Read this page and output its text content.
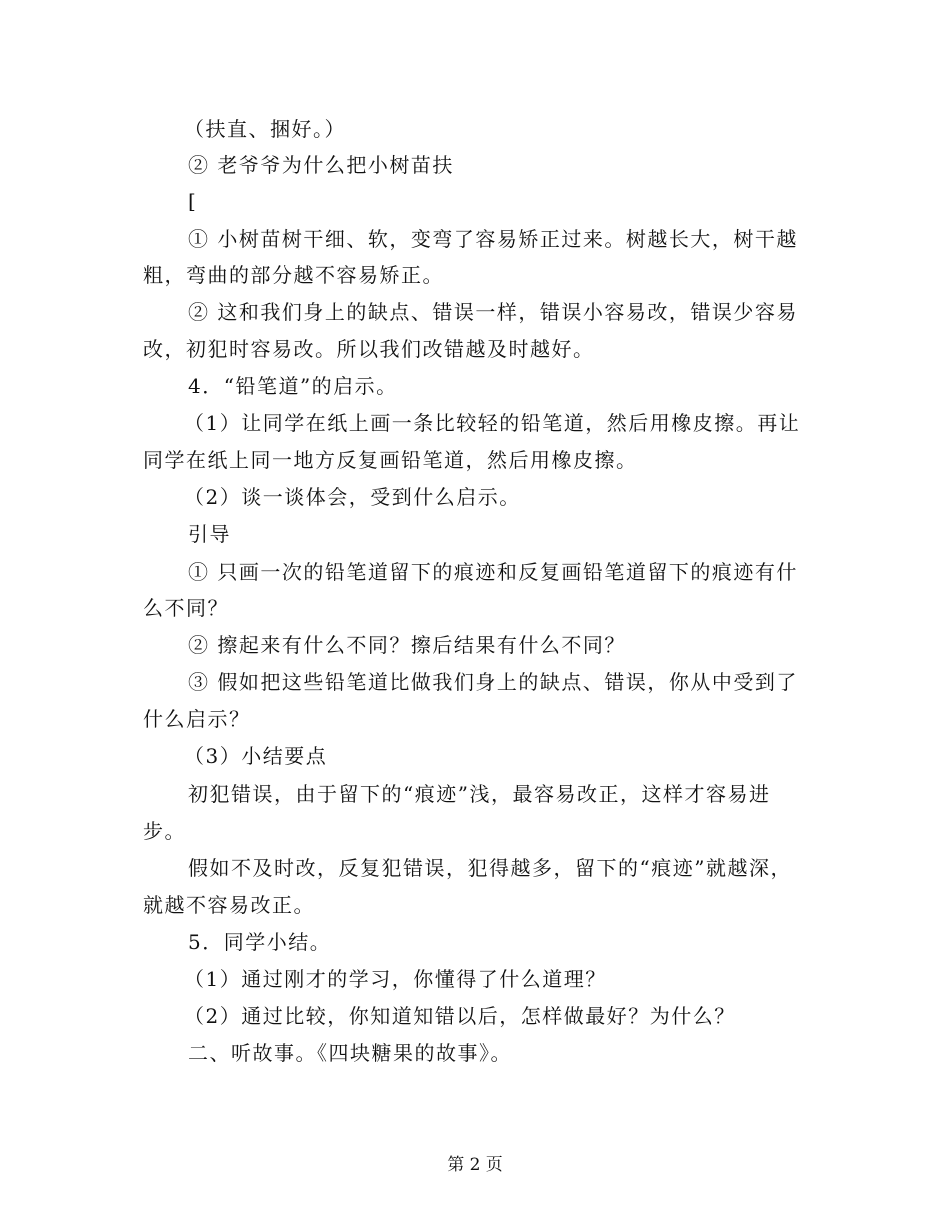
（扶直、捆好。）
② 老爷爷为什么把小树苗扶
[
① 小树苗树干细、软，变弯了容易矫正过来。树越长大，树干越
粗，弯曲的部分越不容易矫正。
② 这和我们身上的缺点、错误一样，错误小容易改，错误少容易
改，初犯时容易改。所以我们改错越及时越好。
4．“铅笔道”的启示。
（1）让同学在纸上画一条比较轻的铅笔道，然后用橡皮擦。再让
同学在纸上同一地方反复画铅笔道，然后用橡皮擦。
（2）谈一谈体会，受到什么启示。
引导
① 只画一次的铅笔道留下的痕迹和反复画铅笔道留下的痕迹有什
么不同？
② 擦起来有什么不同？擦后结果有什么不同？
③ 假如把这些铅笔道比做我们身上的缺点、错误，你从中受到了
什么启示？
（3）小结要点
初犯错误，由于留下的“痕迹”浅，最容易改正，这样才容易进
步。
假如不及时改，反复犯错误，犯得越多，留下的“痕迹”就越深，
就越不容易改正。
5．同学小结。
（1）通过刚才的学习，你懂得了什么道理？
（2）通过比较，你知道知错以后，怎样做最好？为什么？
二、听故事。《四块糖果的故事》。
第 2 页
